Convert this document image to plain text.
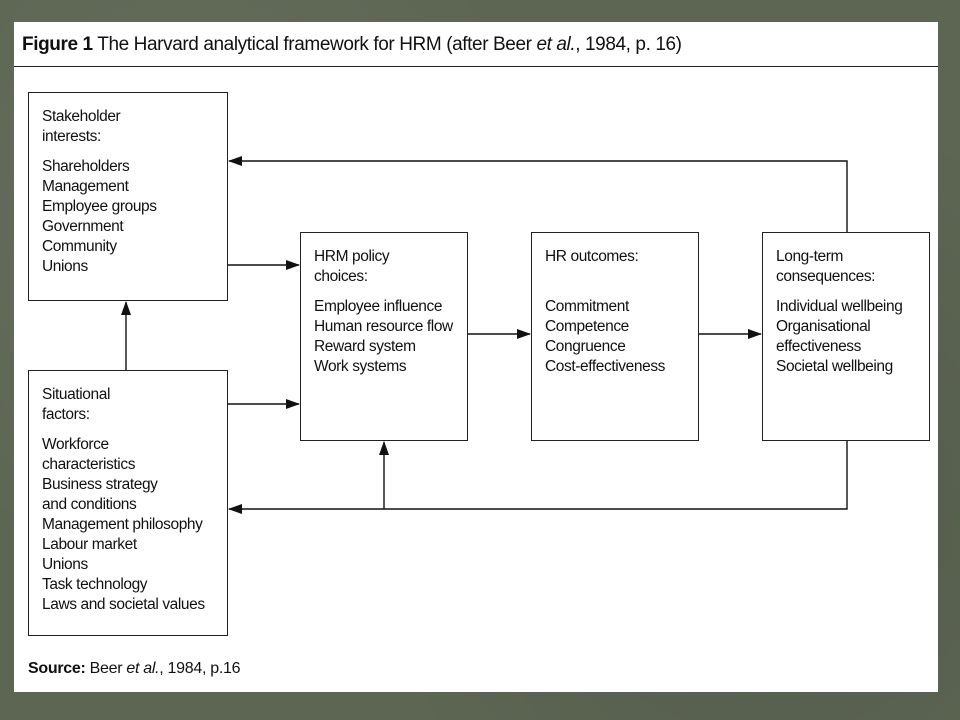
Figure 1 The Harvard analytical framework for HRM (after Beer et al., 1984, p. 16)
Stakeholder
interests:
Shareholders
Management
Employee groups
Government
Community
Unions
Situational
factors:
Workforce
characteristics
Business strategy
and conditions
Management philosophy
Labour market
Unions
Task technology
Laws and societal values
HRM policy
choices:
Employee influence
Human resource flow
Reward system
Work systems
HR outcomes:
Commitment
Competence
Congruence
Cost-effectiveness
Long-term
consequences:
Individual wellbeing
Organisational
effectiveness
Societal wellbeing
Source: Beer et al., 1984, p.16
